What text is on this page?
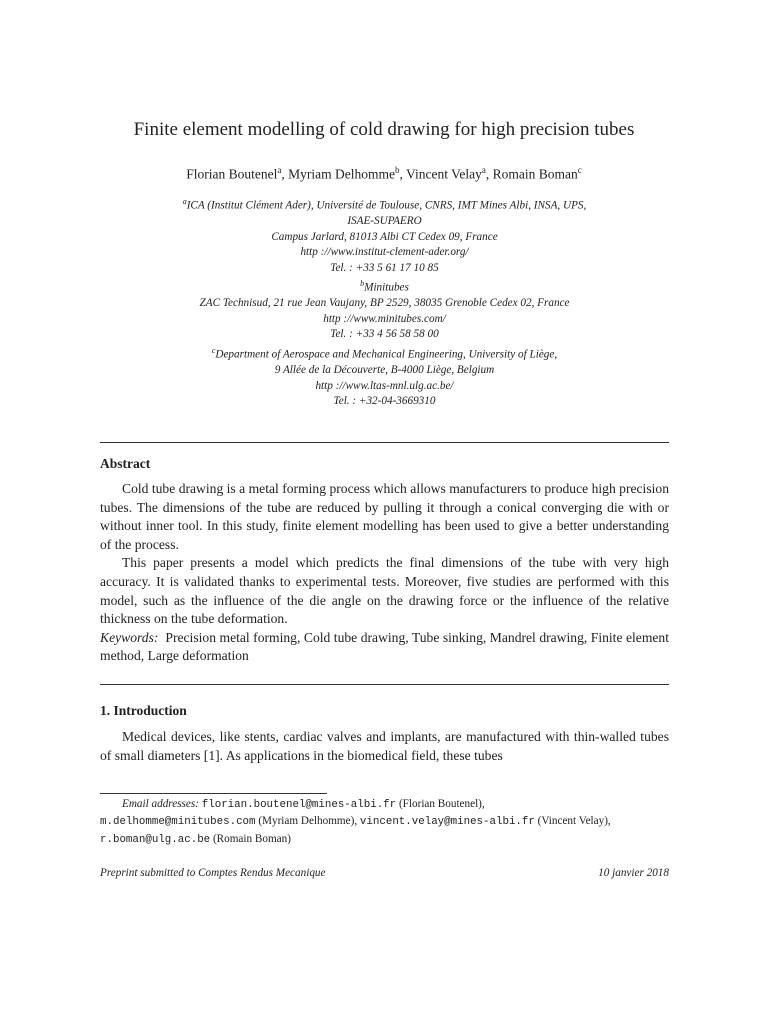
Finite element modelling of cold drawing for high precision tubes
Florian Boutenel$^a$, Myriam Delhomme$^b$, Vincent Velay$^a$, Romain Boman$^c$
$^a$ICA (Institut Clément Ader), Université de Toulouse, CNRS, IMT Mines Albi, INSA, UPS,
ISAE-SUPAERO
Campus Jarlard, 81013 Albi CT Cedex 09, France
http ://www.institut-clement-ader.org/
Tel. : +33 5 61 17 10 85
$^b$Minitubes
ZAC Technisud, 21 rue Jean Vaujany, BP 2529, 38035 Grenoble Cedex 02, France
http ://www.minitubes.com/
Tel. : +33 4 56 58 58 00
$^c$Department of Aerospace and Mechanical Engineering, University of Liège,
9 Allée de la Découverte, B-4000 Liège, Belgium
http ://www.ltas-mnl.ulg.ac.be/
Tel. : +32-04-3669310
Abstract

Cold tube drawing is a metal forming process which allows manufacturers to produce high precision tubes. The dimensions of the tube are reduced by pulling it through a conical converging die with or without inner tool. In this study, finite element modelling has been used to give a better understanding of the process.

This paper presents a model which predicts the final dimensions of the tube with very high accuracy. It is validated thanks to experimental tests. Moreover, five studies are performed with this model, such as the influence of the die angle on the drawing force or the influence of the relative thickness on the tube deformation.

Keywords: Precision metal forming, Cold tube drawing, Tube sinking, Mandrel drawing, Finite element method, Large deformation

1. Introduction

Medical devices, like stents, cardiac valves and implants, are manufactured with thin-walled tubes of small diameters [1]. As applications in the biomedical field, these tubes

Email addresses: florian.boutenel@mines-albi.fr (Florian Boutenel),
m.delhomme@minitubes.com (Myriam Delhomme), vincent.velay@mines-albi.fr (Vincent Velay),
r.boman@ulg.ac.be (Romain Boman)
Preprint submitted to Comptes Rendus Mecanique	10 janvier 2018
